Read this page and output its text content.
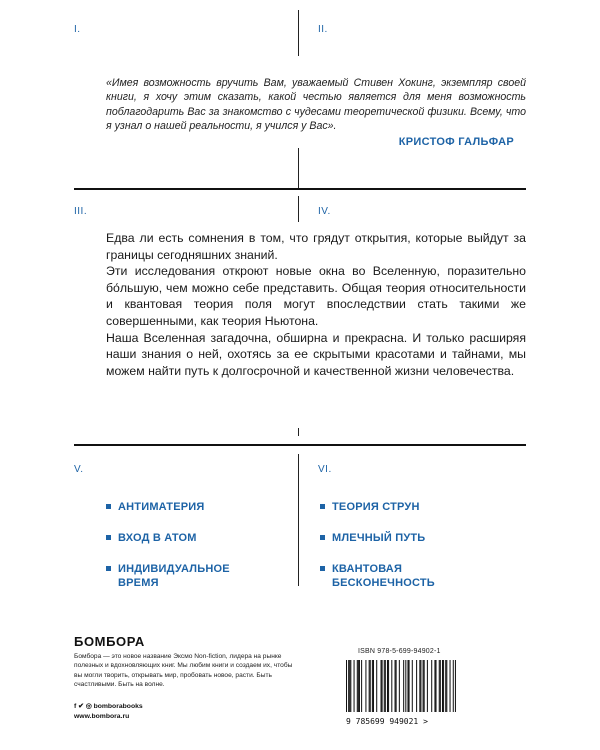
I.	II.
III.	IV.
V.	VI.
«Имея возможность вручить Вам, уважаемый Стивен Хокинг, экземпляр своей книги, я хочу этим сказать, какой честью является для меня возможность поблагодарить Вас за знакомство с чудесами теоретической физики. Всему, что я узнал о нашей реальности, я учился у Вас».
КРИСТОФ ГАЛЬФАР

Едва ли есть сомнения в том, что грядут открытия, которые выйдут за границы сегодняшних знаний.

Эти исследования откроют новые окна во Вселенную, поразительно бо́льшую, чем можно себе представить. Общая теория относительности и квантовая теория поля могут впоследствии стать такими же совершенными, как теория Ньютона.

Наша Вселенная загадочна, обширна и прекрасна. И только расширяя наши знания о ней, охотясь за ее скрытыми красотами и тайнами, мы можем найти путь к долгосрочной и качественной жизни человечества.

АНТИМАТЕРИЯ
ВХОД В АТОМ
ИНДИВИДУАЛЬНОЕ ВРЕМЯ
ТЕОРИЯ СТРУН
МЛЕЧНЫЙ ПУТЬ
КВАНТОВАЯ БЕСКОНЕЧНОСТЬ
БОМБОРА
Бомбора — это новое название Эксмо Non-fiction, лидера на рынке полезных и вдохновляющих книг. Мы любим книги и создаем их, чтобы вы могли творить, открывать мир, пробовать новое, расти. Быть счастливыми. Быть на волне.
f ✔ ◎ bomborabooks
www.bombora.ru
ISBN 978-5-699-94902-1
9 785699 949021 >
